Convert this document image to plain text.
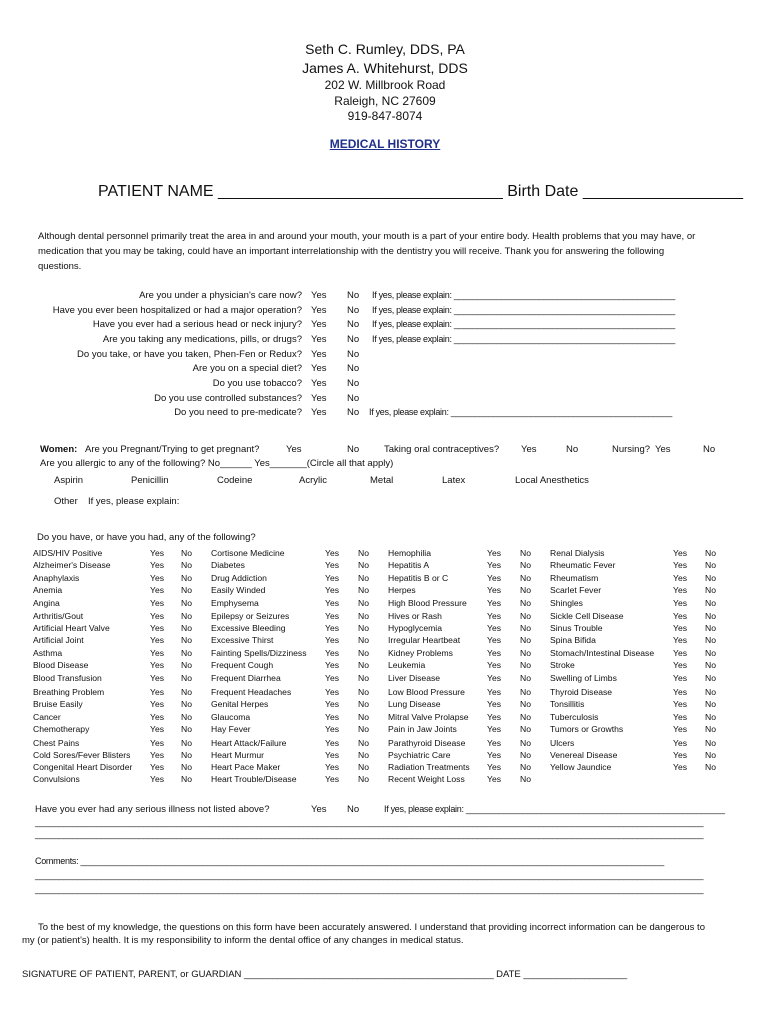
Seth C. Rumley, DDS, PA
James A. Whitehurst, DDS
202 W. Millbrook Road
Raleigh, NC 27609
919-847-8074
MEDICAL HISTORY
PATIENT NAME ________________________________ Birth Date __________________
Although dental personnel primarily treat the area in and around your mouth, your mouth is a part of your entire body. Health problems that you may have, or medication that you may be taking, could have an important interrelationship with the dentistry you will receive. Thank you for answering the following questions.
Are you under a physician's care now? Yes No If yes, please explain: _______________________________________________
Have you ever been hospitalized or had a major operation? Yes No If yes, please explain: _______________________________________________
Have you ever had a serious head or neck injury? Yes No If yes, please explain: _______________________________________________
Are you taking any medications, pills, or drugs? Yes No If yes, please explain: _______________________________________________
Do you take, or have you taken, Phen-Fen or Redux? Yes No
Are you on a special diet? Yes No
Do you use tobacco? Yes No
Do you use controlled substances? Yes No
Do you need to pre-medicate? Yes No If yes, please explain: _______________________________________________
Women: Are you Pregnant/Trying to get pregnant?	Yes	No	Taking oral contraceptives? Yes	No	Nursing? Yes	No
Are you allergic to any of the following? No______ Yes_______(Circle all that apply)
Aspirin	Penicillin	Codeine	Acrylic	Metal	Latex	Local Anesthetics
Other If yes, please explain:
Do you have, or have you had, any of the following?
AIDS/HIV Positive	Yes No
Alzheimer's Disease	Yes No
Anaphylaxis	Yes No
Anemia	Yes No
Angina	Yes No
Arthritis/Gout	Yes No
Artificial Heart Valve	Yes No
Artificial Joint	Yes No
Asthma	Yes No
Blood Disease	Yes No
Blood Transfusion	Yes No
Breathing Problem	Yes No
Bruise Easily	Yes No
Cancer	Yes No
Chemotherapy	Yes No
Chest Pains	Yes No
Cold Sores/Fever Blisters Yes No
Congenital Heart Disorder Yes No
Convulsions	Yes No
Cortisone Medicine	Yes No
Diabetes	Yes No
Drug Addiction	Yes No
Easily Winded	Yes No
Emphysema	Yes No
Epilepsy or Seizures	Yes No
Excessive Bleeding	Yes No
Excessive Thirst	Yes No
Fainting Spells/Dizziness Yes No
Frequent Cough	Yes No
Frequent Diarrhea	Yes No
Frequent Headaches	Yes No
Genital Herpes	Yes No
Glaucoma	Yes No
Hay Fever	Yes No
Heart Attack/Failure	Yes No
Heart Murmur	Yes No
Heart Pace Maker	Yes No
Heart Trouble/Disease	Yes No
Hemophilia	Yes No
Hepatitis A	Yes No
Hepatitis B or C	Yes No
Herpes	Yes No
High Blood Pressure Yes No
Hives or Rash	Yes No
Hypoglycemia	Yes No
Irregular Heartbeat	Yes No
Kidney Problems	Yes No
Leukemia	Yes No
Liver Disease	Yes No
Low Blood Pressure	Yes No
Lung Disease	Yes No
Mitral Valve Prolapse Yes No
Pain in Jaw Joints	Yes No
Parathyroid Disease	Yes No
Psychiatric Care	Yes No
Radiation Treatments Yes No
Recent Weight Loss	Yes No
Renal Dialysis	Yes No
Rheumatic Fever	Yes No
Rheumatism	Yes No
Scarlet Fever	Yes No
Shingles	Yes No
Sickle Cell Disease	Yes No
Sinus Trouble	Yes No
Spina Bifida	Yes No
Stomach/Intestinal Disease Yes No
Stroke	Yes No
Swelling of Limbs	Yes No
Thyroid Disease	Yes No
Tonsillitis	Yes No
Tuberculosis	Yes No
Tumors or Growths	Yes No
Ulcers	Yes No
Venereal Disease	Yes No
Yellow Jaundice	Yes No
Have you ever had any serious illness not listed above?	Yes No	If yes, please explain: _______________________________________________________
______________________________________________________________________________________________________________________________________________
______________________________________________________________________________________________________________________________________________
Comments: ____________________________________________________________________________________________________________________________
______________________________________________________________________________________________________________________________________________
______________________________________________________________________________________________________________________________________________
To the best of my knowledge, the questions on this form have been accurately answered. I understand that providing incorrect information can be dangerous to my (or patient's) health. It is my responsibility to inform the dental office of any changes in medical status.
SIGNATURE OF PATIENT, PARENT, or GUARDIAN _____________________________________________________ DATE ______________________
